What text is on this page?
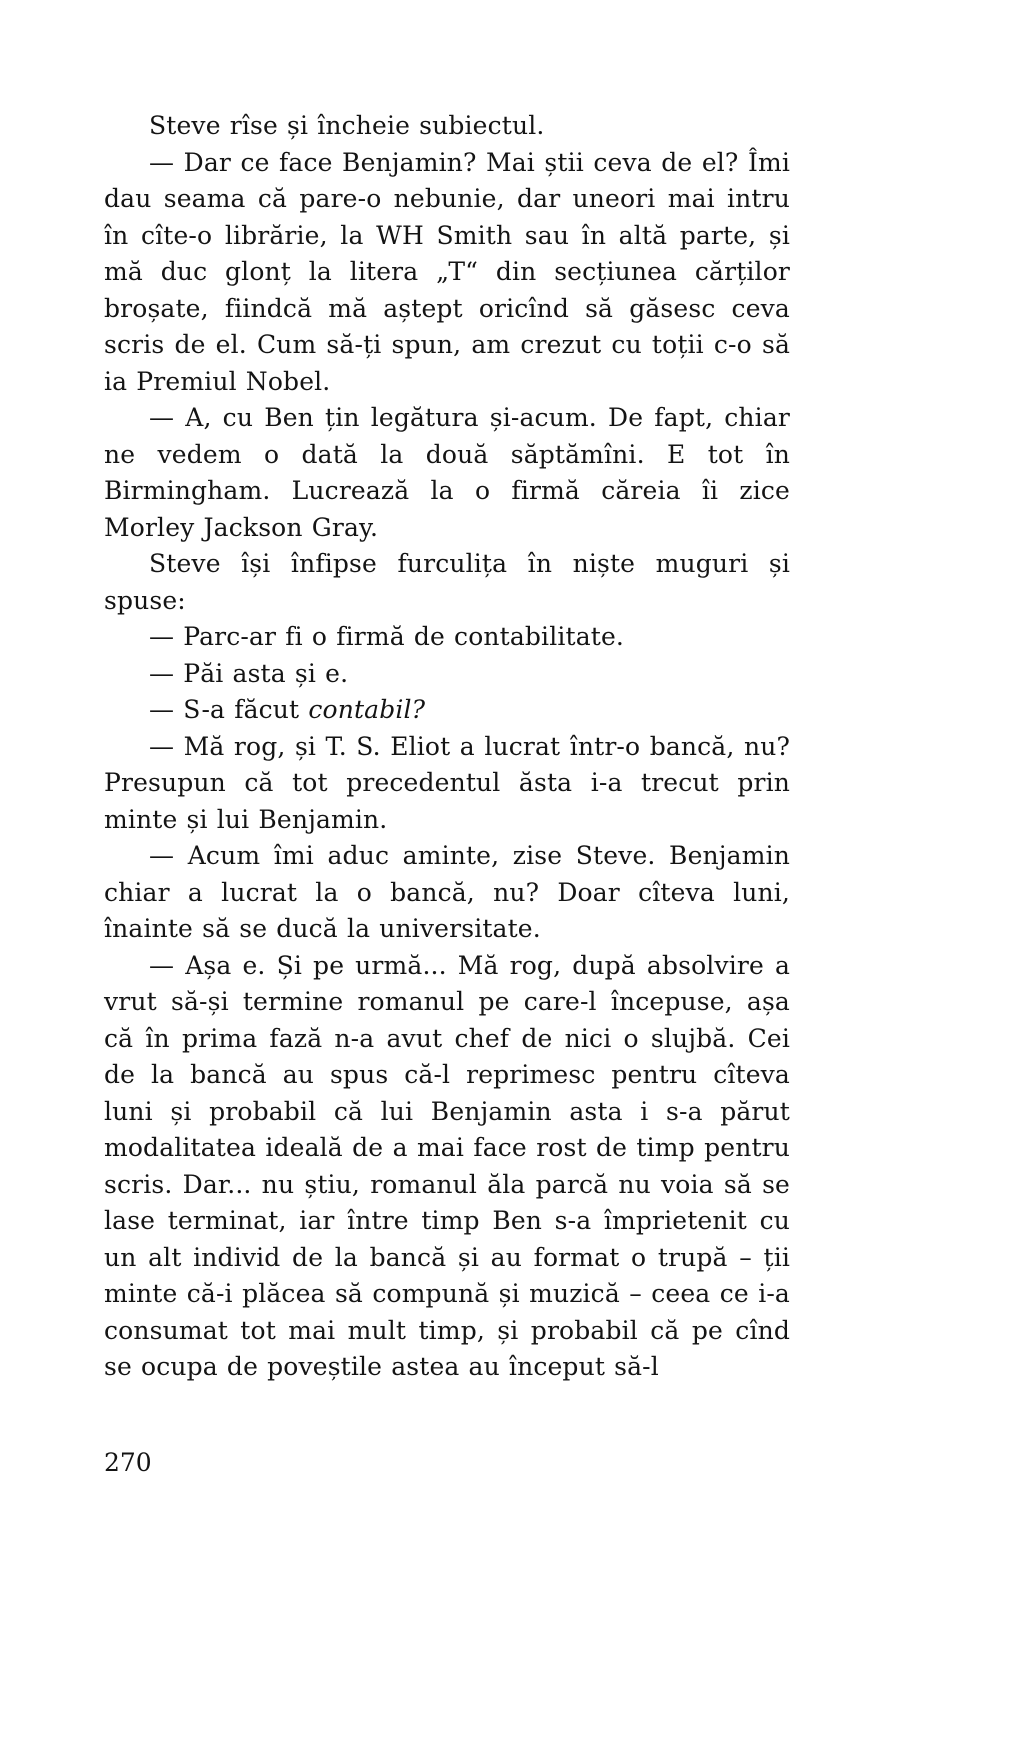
Steve rîse și încheie subiectul.

— Dar ce face Benjamin? Mai știi ceva de el? Îmi dau seama că pare-o nebunie, dar uneori mai intru în cîte-o librărie, la WH Smith sau în altă parte, și mă duc glonț la litera „T“ din secțiunea cărților broșate, fiindcă mă aștept oricînd să găsesc ceva scris de el. Cum să-ți spun, am crezut cu toții c-o să ia Premiul Nobel.

— A, cu Ben țin legătura și-acum. De fapt, chiar ne vedem o dată la două săptămîni. E tot în Birmingham. Lucrează la o firmă căreia îi zice Morley Jackson Gray.

Steve își înfipse furculița în niște muguri și spuse:

— Parc-ar fi o firmă de contabilitate.

— Păi asta și e.

— S-a făcut contabil?

— Mă rog, și T. S. Eliot a lucrat într-o bancă, nu? Presupun că tot precedentul ăsta i-a trecut prin minte și lui Benjamin.

— Acum îmi aduc aminte, zise Steve. Benjamin chiar a lucrat la o bancă, nu? Doar cîteva luni, înainte să se ducă la universitate.

— Așa e. Și pe urmă... Mă rog, după absolvire a vrut să-și termine romanul pe care-l începuse, așa că în prima fază n-a avut chef de nici o slujbă. Cei de la bancă au spus că-l reprimesc pentru cîteva luni și probabil că lui Benjamin asta i s-a părut modalitatea ideală de a mai face rost de timp pentru scris. Dar... nu știu, romanul ăla parcă nu voia să se lase terminat, iar între timp Ben s-a împrietenit cu un alt individ de la bancă și au format o trupă – ții minte că-i plăcea să compună și muzică – ceea ce i-a consumat tot mai mult timp, și probabil că pe cînd se ocupa de poveștile astea au început să-l

270
